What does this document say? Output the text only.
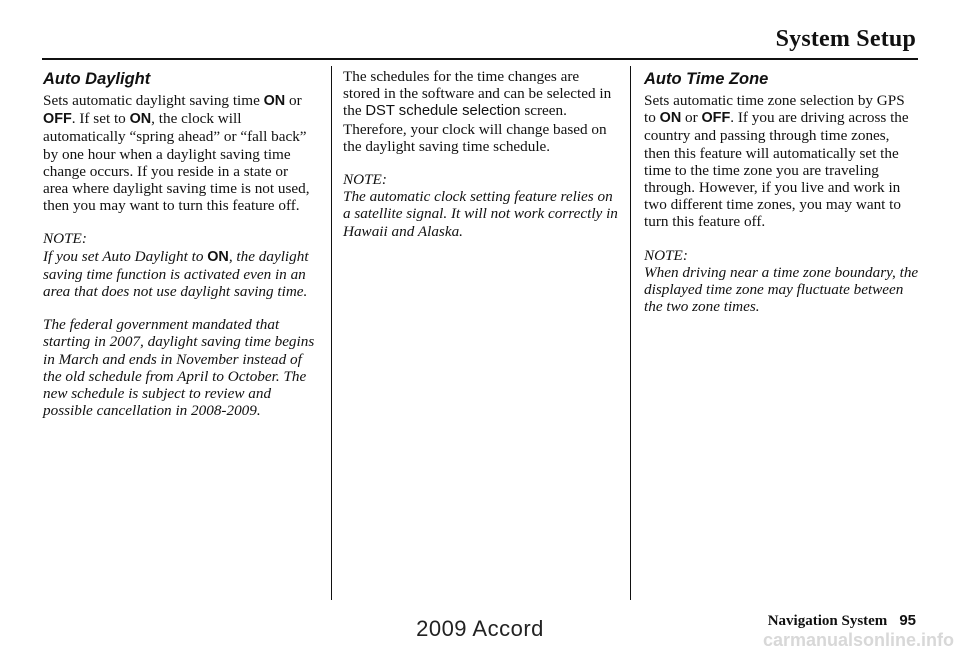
System Setup
Auto Daylight

Sets automatic daylight saving time ON or OFF. If set to ON, the clock will automatically “spring ahead” or “fall back” by one hour when a daylight saving time change occurs. If you reside in a state or area where daylight saving time is not used, then you may want to turn this feature off.

NOTE:

If you set Auto Daylight to ON, the daylight saving time function is activated even in an area that does not use daylight saving time.

The federal government mandated that starting in 2007, daylight saving time begins in March and ends in November instead of the old schedule from April to October. The new schedule is subject to review and possible cancellation in 2008-2009.

The schedules for the time changes are stored in the software and can be selected in the DST schedule selection screen. Therefore, your clock will change based on the daylight saving time schedule.

NOTE:

The automatic clock setting feature relies on a satellite signal. It will not work correctly in Hawaii and Alaska.

Auto Time Zone

Sets automatic time zone selection by GPS to ON or OFF. If you are driving across the country and passing through time zones, then this feature will automatically set the time to the time zone you are traveling through. However, if you live and work in two different time zones, you may want to turn this feature off.

NOTE:

When driving near a time zone boundary, the displayed time zone may fluctuate between the two zone times.

Navigation System 95
2009 Accord	carmanualsonline.info
